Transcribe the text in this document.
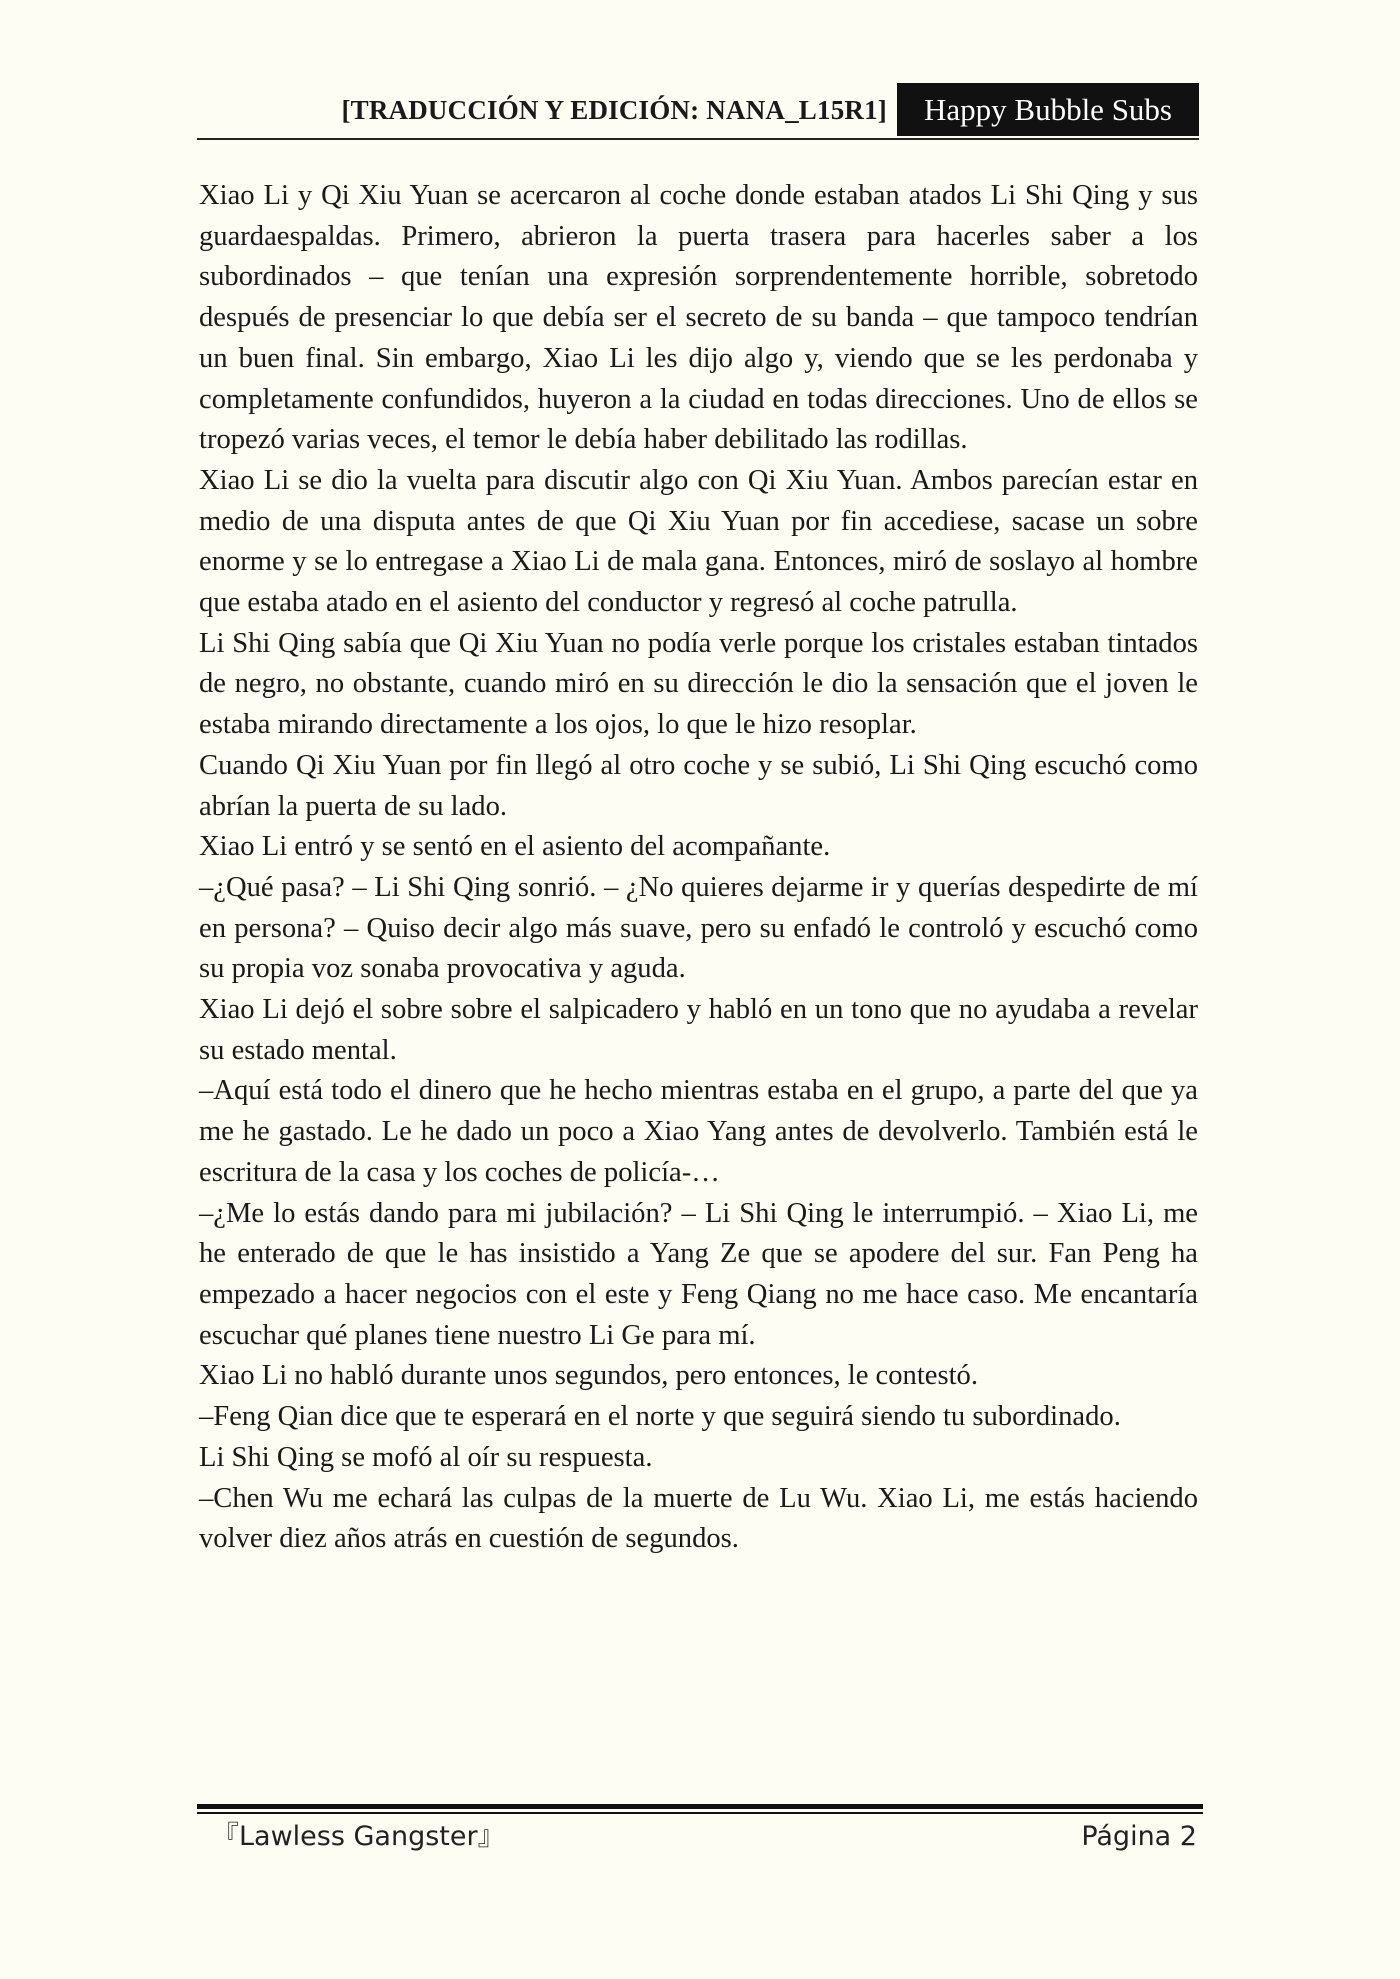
[TRADUCCIÓN Y EDICIÓN: NANA_L15R1]	Happy Bubble Subs

Xiao Li y Qi Xiu Yuan se acercaron al coche donde estaban atados Li Shi Qing y sus guardaespaldas. Primero, abrieron la puerta trasera para hacerles saber a los subordinados – que tenían una expresión sorprendentemente horrible, sobretodo después de presenciar lo que debía ser el secreto de su banda – que tampoco tendrían un buen final. Sin embargo, Xiao Li les dijo algo y, viendo que se les perdonaba y completamente confundidos, huyeron a la ciudad en todas direcciones. Uno de ellos se tropezó varias veces, el temor le debía haber debilitado las rodillas.

Xiao Li se dio la vuelta para discutir algo con Qi Xiu Yuan. Ambos parecían estar en medio de una disputa antes de que Qi Xiu Yuan por fin accediese, sacase un sobre enorme y se lo entregase a Xiao Li de mala gana. Entonces, miró de soslayo al hombre que estaba atado en el asiento del conductor y regresó al coche patrulla.

Li Shi Qing sabía que Qi Xiu Yuan no podía verle porque los cristales estaban tintados de negro, no obstante, cuando miró en su dirección le dio la sensación que el joven le estaba mirando directamente a los ojos, lo que le hizo resoplar.

Cuando Qi Xiu Yuan por fin llegó al otro coche y se subió, Li Shi Qing escuchó como abrían la puerta de su lado.

Xiao Li entró y se sentó en el asiento del acompañante.

–¿Qué pasa? – Li Shi Qing sonrió. – ¿No quieres dejarme ir y querías despedirte de mí en persona? – Quiso decir algo más suave, pero su enfadó le controló y escuchó como su propia voz sonaba provocativa y aguda.

Xiao Li dejó el sobre sobre el salpicadero y habló en un tono que no ayudaba a revelar su estado mental.

–Aquí está todo el dinero que he hecho mientras estaba en el grupo, a parte del que ya me he gastado. Le he dado un poco a Xiao Yang antes de devolverlo. También está le escritura de la casa y los coches de policía-…

–¿Me lo estás dando para mi jubilación? – Li Shi Qing le interrumpió. – Xiao Li, me he enterado de que le has insistido a Yang Ze que se apodere del sur. Fan Peng ha empezado a hacer negocios con el este y Feng Qiang no me hace caso. Me encantaría escuchar qué planes tiene nuestro Li Ge para mí.

Xiao Li no habló durante unos segundos, pero entonces, le contestó.

–Feng Qian dice que te esperará en el norte y que seguirá siendo tu subordinado.

Li Shi Qing se mofó al oír su respuesta.

–Chen Wu me echará las culpas de la muerte de Lu Wu. Xiao Li, me estás haciendo volver diez años atrás en cuestión de segundos.

『Lawless Gangster』	Página 2
